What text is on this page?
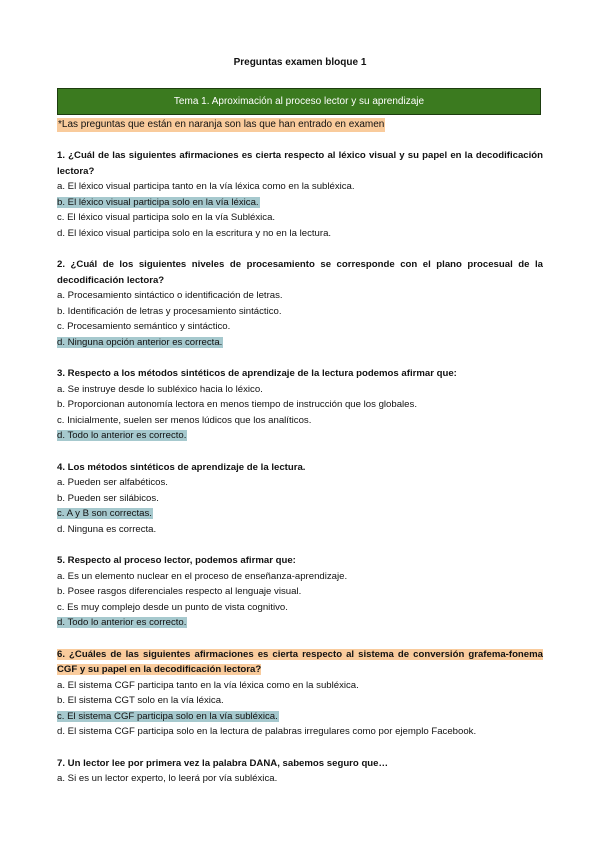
Preguntas examen bloque 1
Tema 1. Aproximación al proceso lector y su aprendizaje
*Las preguntas que están en naranja son las que han entrado en examen
1. ¿Cuál de las siguientes afirmaciones es cierta respecto al léxico visual y su papel en la decodificación lectora?
a. El léxico visual participa tanto en la vía léxica como en la subléxica.
b. El léxico visual participa solo en la vía léxica.
c. El léxico visual participa solo en la vía Subléxica.
d. El léxico visual participa solo en la escritura y no en la lectura.
2. ¿Cuál de los siguientes niveles de procesamiento se corresponde con el plano procesual de la decodificación lectora?
a. Procesamiento sintáctico o identificación de letras.
b. Identificación de letras y procesamiento sintáctico.
c. Procesamiento semántico y sintáctico.
d. Ninguna opción anterior es correcta.
3. Respecto a los métodos sintéticos de aprendizaje de la lectura podemos afirmar que:
a. Se instruye desde lo subléxico hacia lo léxico.
b. Proporcionan autonomía lectora en menos tiempo de instrucción que los globales.
c. Inicialmente, suelen ser menos lúdicos que los analíticos.
d. Todo lo anterior es correcto.
4. Los métodos sintéticos de aprendizaje de la lectura.
a. Pueden ser alfabéticos.
b. Pueden ser silábicos.
c. A y B son correctas.
d. Ninguna es correcta.
5. Respecto al proceso lector, podemos afirmar que:
a. Es un elemento nuclear en el proceso de enseñanza-aprendizaje.
b. Posee rasgos diferenciales respecto al lenguaje visual.
c. Es muy complejo desde un punto de vista cognitivo.
d. Todo lo anterior es correcto.
6. ¿Cuáles de las siguientes afirmaciones es cierta respecto al sistema de conversión grafema-fonema CGF y su papel en la decodificación lectora?
a. El sistema CGF participa tanto en la vía léxica como en la subléxica.
b. El sistema CGT solo en la vía léxica.
c. El sistema CGF participa solo en la vía subléxica.
d. El sistema CGF participa solo en la lectura de palabras irregulares como por ejemplo Facebook.
7. Un lector lee por primera vez la palabra DANA, sabemos seguro que…
a. Si es un lector experto, lo leerá por vía subléxica.
